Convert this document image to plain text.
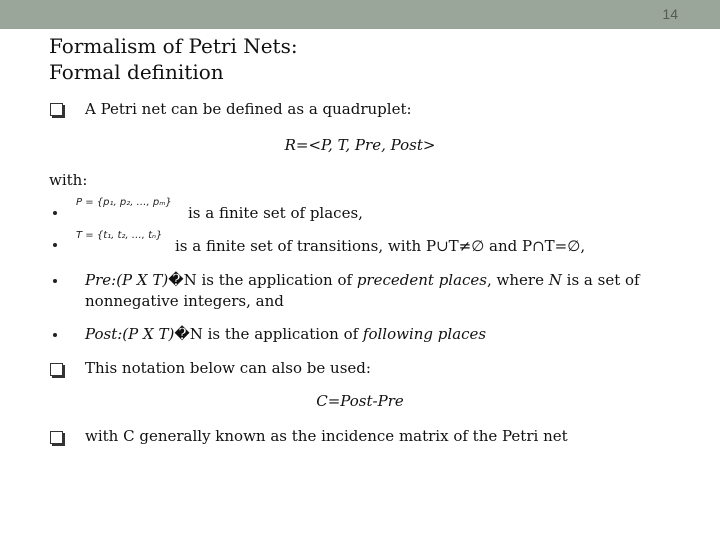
14
Formalism of Petri Nets:
Formal definition
A Petri net can be defined as a quadruplet:
R=<P, T, Pre, Post>
with:
P = {p₁, p₂, …, pₘ}
is a finite set of places,
T = {t₁, t₂, …, tₙ}
is a finite set of transitions, with P∪T≠∅ and P∩T=∅,
Pre:(P X T)�N is the application of precedent places, where N is a set of
nonnegative integers, and
Post:(P X T)�N is the application of following places
This notation below can also be used:
C=Post-Pre
with C generally known as the incidence matrix of the Petri net
